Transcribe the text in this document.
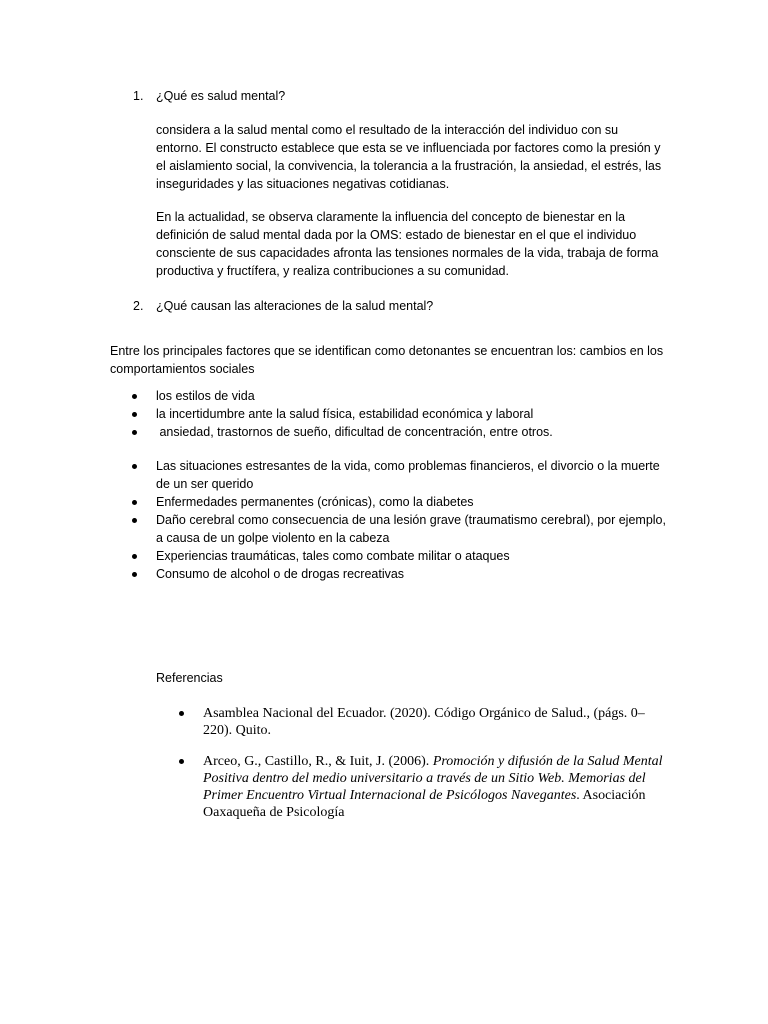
1. ¿Qué es salud mental?

considera a la salud mental como el resultado de la interacción del individuo con su entorno. El constructo establece que esta se ve influenciada por factores como la presión y el aislamiento social, la convivencia, la tolerancia a la frustración, la ansiedad, el estrés, las inseguridades y las situaciones negativas cotidianas.

En la actualidad, se observa claramente la influencia del concepto de bienestar en la definición de salud mental dada por la OMS: estado de bienestar en el que el individuo consciente de sus capacidades afronta las tensiones normales de la vida, trabaja de forma productiva y fructífera, y realiza contribuciones a su comunidad.

2. ¿Qué causan las alteraciones de la salud mental?

Entre los principales factores que se identifican como detonantes se encuentran los: cambios en los comportamientos sociales

los estilos de vida
la incertidumbre ante la salud física, estabilidad económica y laboral
ansiedad, trastornos de sueño, dificultad de concentración, entre otros.
Las situaciones estresantes de la vida, como problemas financieros, el divorcio o la muerte de un ser querido
Enfermedades permanentes (crónicas), como la diabetes
Daño cerebral como consecuencia de una lesión grave (traumatismo cerebral), por ejemplo, a causa de un golpe violento en la cabeza
Experiencias traumáticas, tales como combate militar o ataques
Consumo de alcohol o de drogas recreativas
Referencias
Asamblea Nacional del Ecuador. (2020). Código Orgánico de Salud., (págs. 0–220). Quito.
Arceo, G., Castillo, R., & Iuit, J. (2006). Promoción y difusión de la Salud Mental Positiva dentro del medio universitario a través de un Sitio Web. Memorias del Primer Encuentro Virtual Internacional de Psicólogos Navegantes. Asociación Oaxaqueña de Psicología
